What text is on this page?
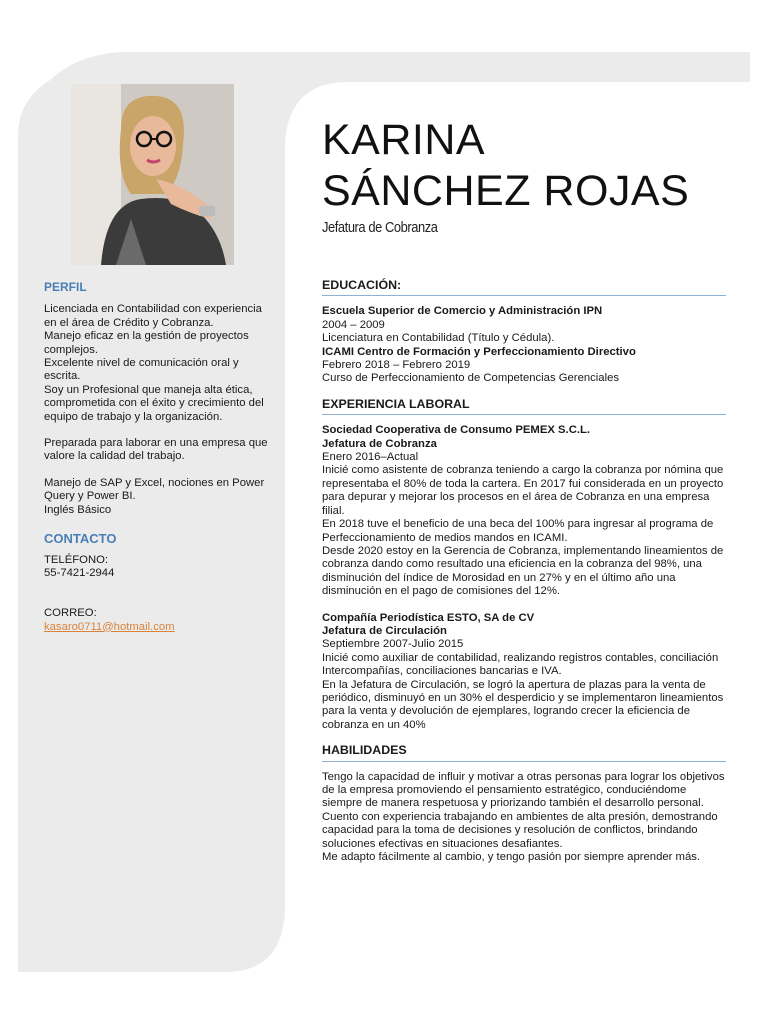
PERFIL

Licenciada en Contabilidad con experiencia en el área de Crédito y Cobranza.

Manejo eficaz en la gestión de proyectos complejos.

Excelente nivel de comunicación oral y escrita.

Soy un Profesional que maneja alta ética, comprometida con el éxito y crecimiento del equipo de trabajo y la organización.

Preparada para laborar en una empresa que valore la calidad del trabajo.

Manejo de SAP y Excel, nociones en Power Query y Power BI.

Inglés Básico

CONTACTO

TELÉFONO:

55-7421-2944

CORREO:

kasaro0711@hotmail.com

KARINA
SÁNCHEZ ROJAS
Jefatura de Cobranza
EDUCACIÓN:

Escuela Superior de Comercio y Administración IPN

2004 – 2009

Licenciatura en Contabilidad (Título y Cédula).

ICAMI Centro de Formación y Perfeccionamiento Directivo

Febrero 2018 – Febrero 2019

Curso de Perfeccionamiento de Competencias Gerenciales

EXPERIENCIA LABORAL

Sociedad Cooperativa de Consumo PEMEX S.C.L.

Jefatura de Cobranza

Enero 2016–Actual

Inicié como asistente de cobranza teniendo a cargo la cobranza por nómina que representaba el 80% de toda la cartera. En 2017 fui considerada en un proyecto para depurar y mejorar los procesos en el área de Cobranza en una empresa filial.

En 2018 tuve el beneficio de una beca del 100% para ingresar al programa de Perfeccionamiento de medios mandos en ICAMI.

Desde 2020 estoy en la Gerencia de Cobranza, implementando lineamientos de cobranza dando como resultado una eficiencia en la cobranza del 98%, una disminución del índice de Morosidad en un 27% y en el último año una disminución en el pago de comisiones del 12%.

Compañía Periodística ESTO, SA de CV

Jefatura de Circulación

Septiembre 2007-Julio 2015

Inicié como auxiliar de contabilidad, realizando registros contables, conciliación Intercompañías, conciliaciones bancarias e IVA.

En la Jefatura de Circulación, se logró la apertura de plazas para la venta de periódico, disminuyó en un 30% el desperdicio y se implementaron lineamientos para la venta y devolución de ejemplares, logrando crecer la eficiencia de cobranza en un 40%

HABILIDADES

Tengo la capacidad de influir y motivar a otras personas para lograr los objetivos de la empresa promoviendo el pensamiento estratégico, conduciéndome siempre de manera respetuosa y priorizando también el desarrollo personal.

Cuento con experiencia trabajando en ambientes de alta presión, demostrando capacidad para la toma de decisiones y resolución de conflictos, brindando soluciones efectivas en situaciones desafiantes.

Me adapto fácilmente al cambio, y tengo pasión por siempre aprender más.
